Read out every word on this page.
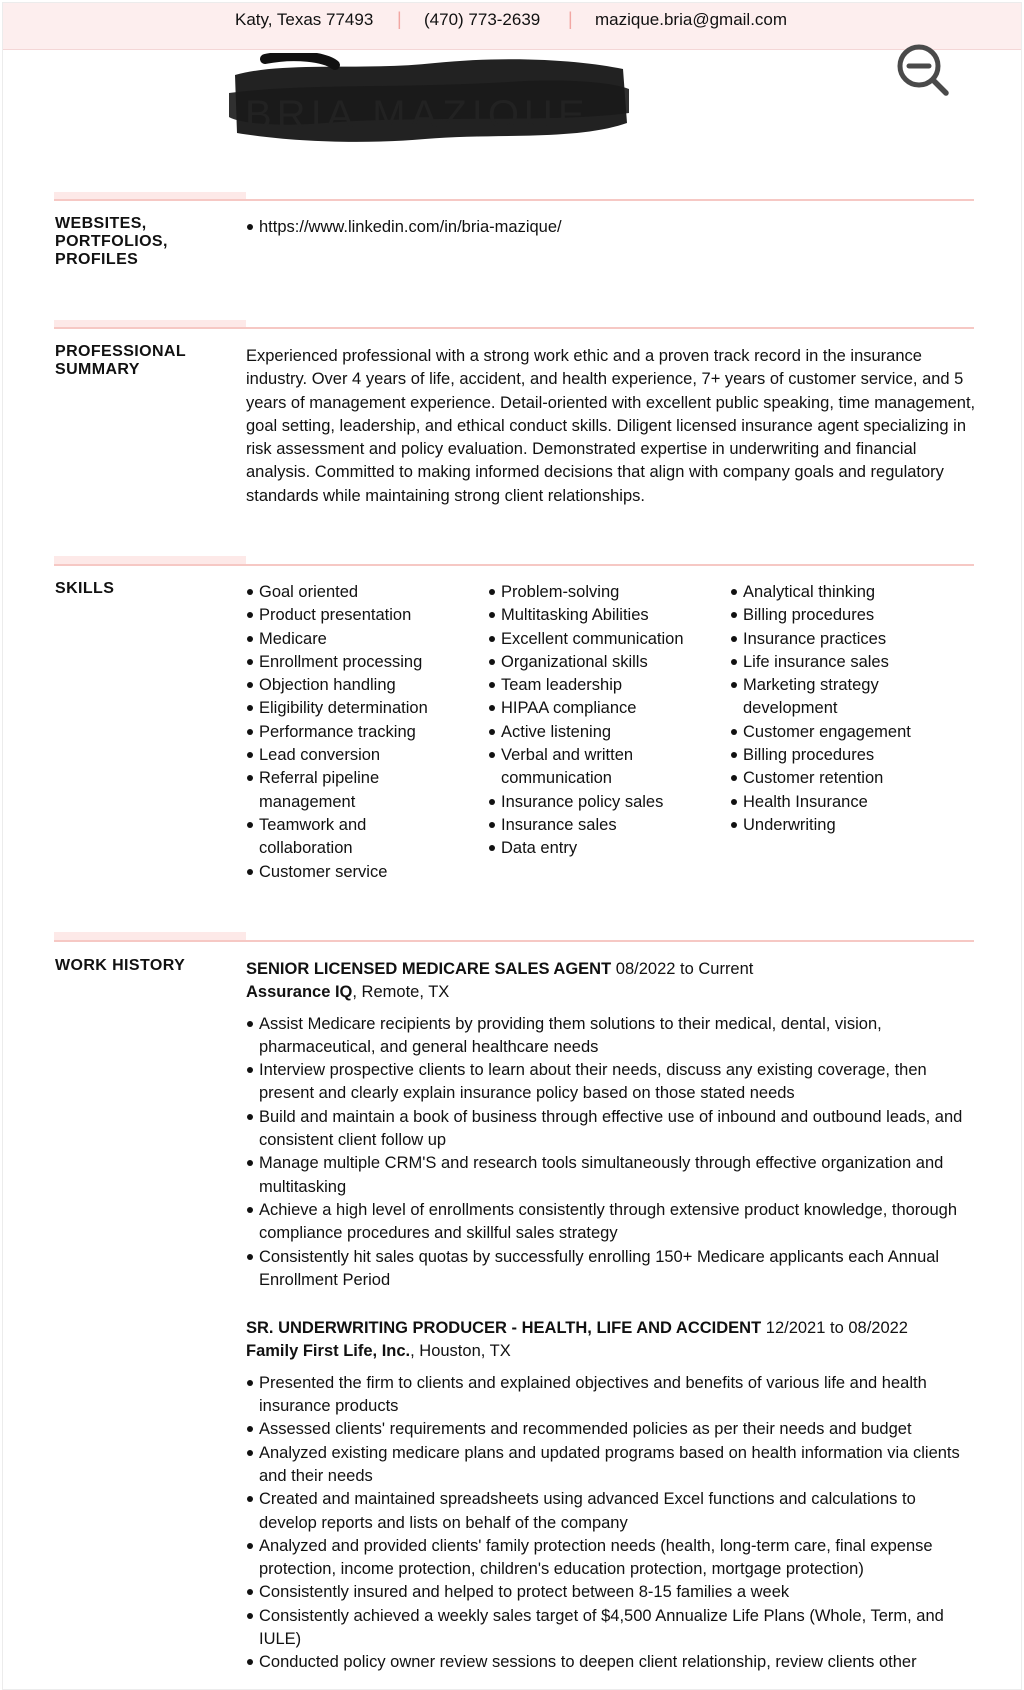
Katy, Texas 77493 | (470) 773-2639 | mazique.bria@gmail.com
BRIA MAZIQUE
WEBSITES,
PORTFOLIOS,
PROFILES
https://www.linkedin.com/in/bria-mazique/
PROFESSIONAL
SUMMARY

Experienced professional with a strong work ethic and a proven track record in the insurance industry. Over 4 years of life, accident, and health experience, 7+ years of customer service, and 5 years of management experience. Detail-oriented with excellent public speaking, time management, goal setting, leadership, and ethical conduct skills. Diligent licensed insurance agent specializing in risk assessment and policy evaluation. Demonstrated expertise in underwriting and financial analysis. Committed to making informed decisions that align with company goals and regulatory standards while maintaining strong client relationships.

SKILLS	Goal oriented
Product presentation
Medicare
Enrollment processing
Objection handling
Eligibility determination
Performance tracking
Lead conversion
Referral pipeline management
Teamwork and collaboration
Customer service
Problem-solving
Multitasking Abilities
Excellent communication
Organizational skills
Team leadership
HIPAA compliance
Active listening
Verbal and written communication
Insurance policy sales
Insurance sales
Data entry
Analytical thinking
Billing procedures
Insurance practices
Life insurance sales
Marketing strategy development
Customer engagement
Billing procedures
Customer retention
Health Insurance
Underwriting
WORK HISTORY	SENIOR LICENSED MEDICARE SALES AGENT 08/2022 to Current

Assurance IQ, Remote, TX

Assist Medicare recipients by providing them solutions to their medical, dental, vision, pharmaceutical, and general healthcare needs
Interview prospective clients to learn about their needs, discuss any existing coverage, then present and clearly explain insurance policy based on those stated needs
Build and maintain a book of business through effective use of inbound and outbound leads, and consistent client follow up
Manage multiple CRM'S and research tools simultaneously through effective organization and multitasking
Achieve a high level of enrollments consistently through extensive product knowledge, thorough compliance procedures and skillful sales strategy
Consistently hit sales quotas by successfully enrolling 150+ Medicare applicants each Annual Enrollment Period

SR. UNDERWRITING PRODUCER - HEALTH, LIFE AND ACCIDENT 12/2021 to 08/2022

Family First Life, Inc., Houston, TX

Presented the firm to clients and explained objectives and benefits of various life and health insurance products
Assessed clients' requirements and recommended policies as per their needs and budget
Analyzed existing medicare plans and updated programs based on health information via clients and their needs
Created and maintained spreadsheets using advanced Excel functions and calculations to develop reports and lists on behalf of the company
Analyzed and provided clients' family protection needs (health, long-term care, final expense protection, income protection, children's education protection, mortgage protection)
Consistently insured and helped to protect between 8-15 families a week
Consistently achieved a weekly sales target of $4,500 Annualize Life Plans (Whole, Term, and IULE)
Conducted policy owner review sessions to deepen client relationship, review clients other
